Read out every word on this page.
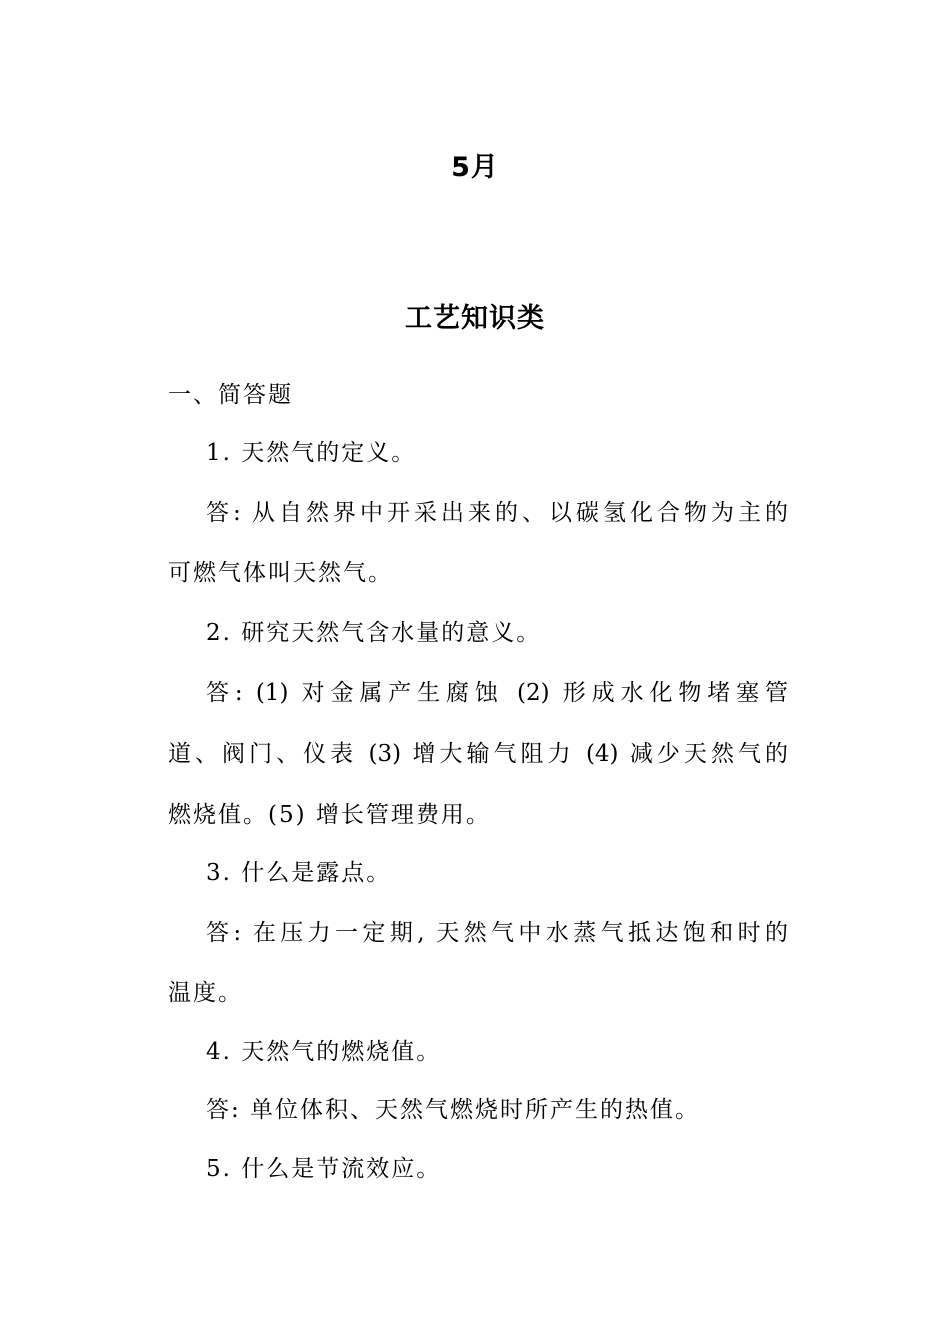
5月
工艺知识类
一、简答题
1. 天然气的定义。
答: 从自然界中开采出来的、以碳氢化合物为主的
可燃气体叫天然气。
2. 研究天然气含水量的意义。
答: (1) 对金属产生腐蚀 (2) 形成水化物堵塞管
道、阀门、仪表 (3) 增大输气阻力 (4) 减少天然气的
燃烧值。(5) 增长管理费用。
3. 什么是露点。
答: 在压力一定期, 天然气中水蒸气抵达饱和时的
温度。
4. 天然气的燃烧值。
答: 单位体积、天然气燃烧时所产生的热值。
5. 什么是节流效应。
